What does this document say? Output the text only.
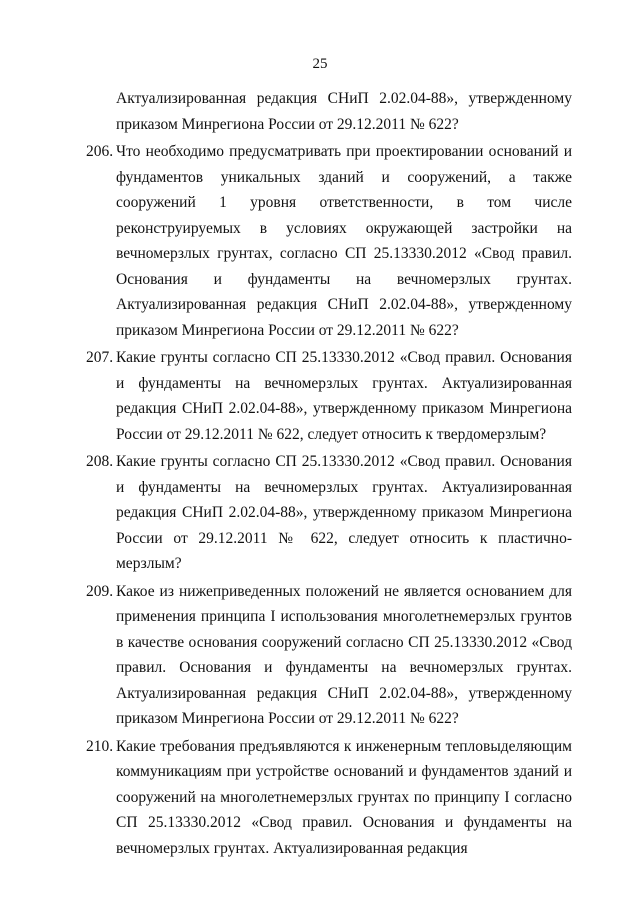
25

Актуализированная редакция СНиП 2.02.04-88», утвержденному приказом Минрегиона России от 29.12.2011 № 622?

206. Что необходимо предусматривать при проектировании оснований и фундаментов уникальных зданий и сооружений, а также сооружений 1 уровня ответственности, в том числе реконструируемых в условиях окружающей застройки на вечномерзлых грунтах, согласно СП 25.13330.2012 «Свод правил. Основания и фундаменты на вечномерзлых грунтах. Актуализированная редакция СНиП 2.02.04-88», утвержденному приказом Минрегиона России от 29.12.2011 № 622?
207. Какие грунты согласно СП 25.13330.2012 «Свод правил. Основания и фундаменты на вечномерзлых грунтах. Актуализированная редакция СНиП 2.02.04-88», утвержденному приказом Минрегиона России от 29.12.2011 № 622, следует относить к твердомерзлым?
208. Какие грунты согласно СП 25.13330.2012 «Свод правил. Основания и фундаменты на вечномерзлых грунтах. Актуализированная редакция СНиП 2.02.04-88», утвержденному приказом Минрегиона России от 29.12.2011 № 622, следует относить к пластично-мерзлым?
209. Какое из нижеприведенных положений не является основанием для применения принципа I использования многолетнемерзлых грунтов в качестве основания сооружений согласно СП 25.13330.2012 «Свод правил. Основания и фундаменты на вечномерзлых грунтах. Актуализированная редакция СНиП 2.02.04-88», утвержденному приказом Минрегиона России от 29.12.2011 № 622?
210. Какие требования предъявляются к инженерным тепловыделяющим коммуникациям при устройстве оснований и фундаментов зданий и сооружений на многолетнемерзлых грунтах по принципу I согласно СП 25.13330.2012 «Свод правил. Основания и фундаменты на вечномерзлых грунтах. Актуализированная редакция
